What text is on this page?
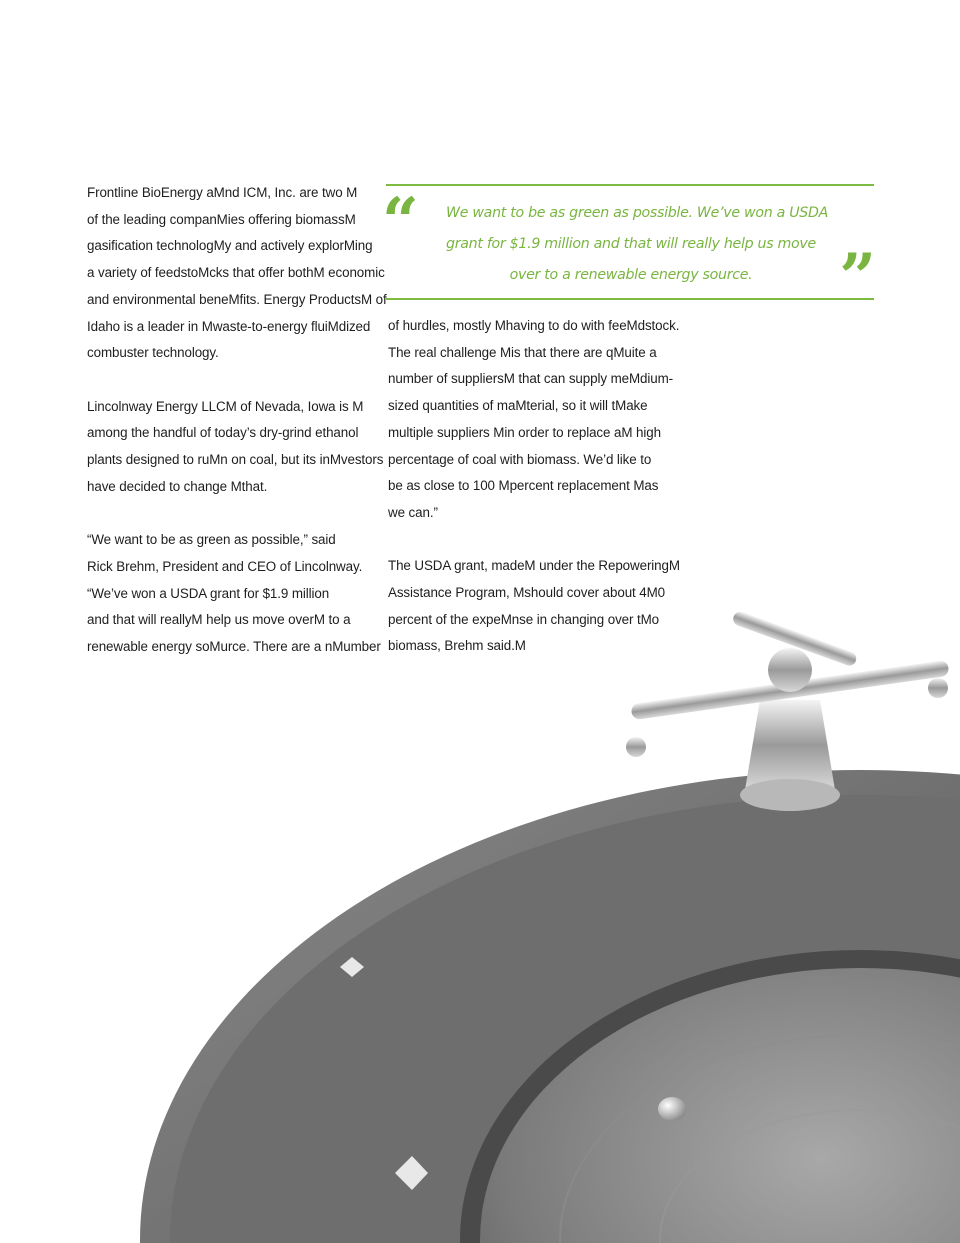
Frontline BioEnergy aMnd ICM, Inc. are two M
of the leading companMies offering biomassM
gasification technologMy and actively explorMing
a variety of feedstoMcks that offer bothM economic
and environmental beneMfits. Energy ProductsM of
Idaho is a leader in Mwaste-to-energy fluiMdized
combuster technology.

Lincolnway Energy LLCM of Nevada, Iowa is M
among the handful of today’s dry-grind ethanol
plants designed to ruMn on coal, but its inMvestors
have decided to change Mthat.

“We want to be as green as possible,” said
Rick Brehm, President and CEO of Lincolnway.
“We’ve won a USDA grant for $1.9 million
and that will reallyM help us move overM to a
renewable energy soMurce. There are a nMumber

of hurdles, mostly Mhaving to do with feeMdstock.
The real challenge Mis that there are qMuite a
number of suppliersM that can supply meMdium-
sized quantities of maMterial, so it will tMake
multiple suppliers Min order to replace aM high
percentage of coal with biomass. We’d like to
be as close to 100 Mpercent replacement Mas
we can.”

The USDA grant, madeM under the RepoweringM
Assistance Program, Mshould cover about 4M0
percent of the expeMnse in changing over tMo
biomass, Brehm said.M

“ We want to be as green as possible. We’ve won a USDA
grant for $1.9 million and that will really help us move
over to a renewable energy source.	”
